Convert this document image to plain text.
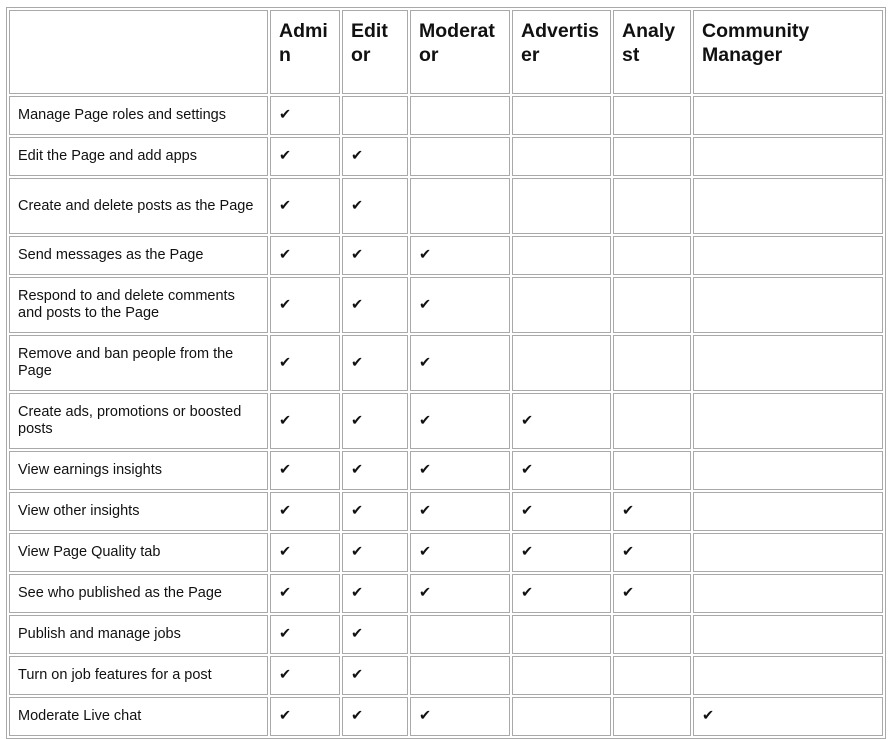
	Admin	Editor	Moderator	Advertiser	Analyst	Community Manager
Manage Page roles and settings	✔					
Edit the Page and add apps	✔	✔				
Create and delete posts as the Page	✔	✔				
Send messages as the Page	✔	✔	✔			
Respond to and delete comments and posts to the Page	✔	✔	✔			
Remove and ban people from the Page	✔	✔	✔			
Create ads, promotions or boosted posts	✔	✔	✔	✔		
View earnings insights	✔	✔	✔	✔		
View other insights	✔	✔	✔	✔	✔	
View Page Quality tab	✔	✔	✔	✔	✔	
See who published as the Page	✔	✔	✔	✔	✔	
Publish and manage jobs	✔	✔				
Turn on job features for a post	✔	✔				
Moderate Live chat	✔	✔	✔			✔
